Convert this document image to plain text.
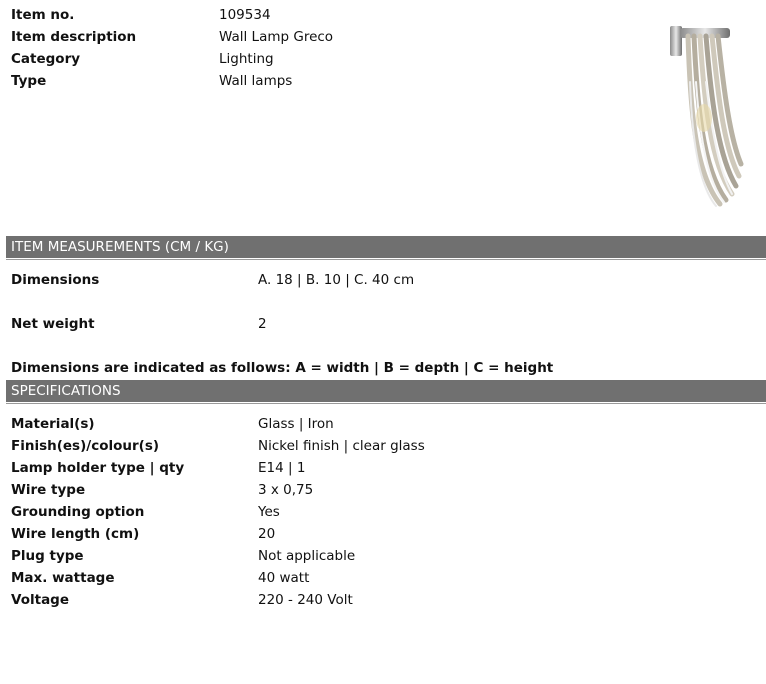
Item no.	109534
Item description	Wall Lamp Greco
Category	Lighting
Type	Wall lamps
ITEM MEASUREMENTS (CM / KG)
Dimensions	A. 18 | B. 10 | C. 40 cm
Net weight	2
Dimensions are indicated as follows: A = width | B = depth | C = height
SPECIFICATIONS
Material(s)	Glass | Iron
Finish(es)/colour(s)	Nickel finish | clear glass
Lamp holder type | qty	E14 | 1
Wire type	3 x 0,75
Grounding option	Yes
Wire length (cm)	20
Plug type	Not applicable
Max. wattage	40 watt
Voltage	220 - 240 Volt
